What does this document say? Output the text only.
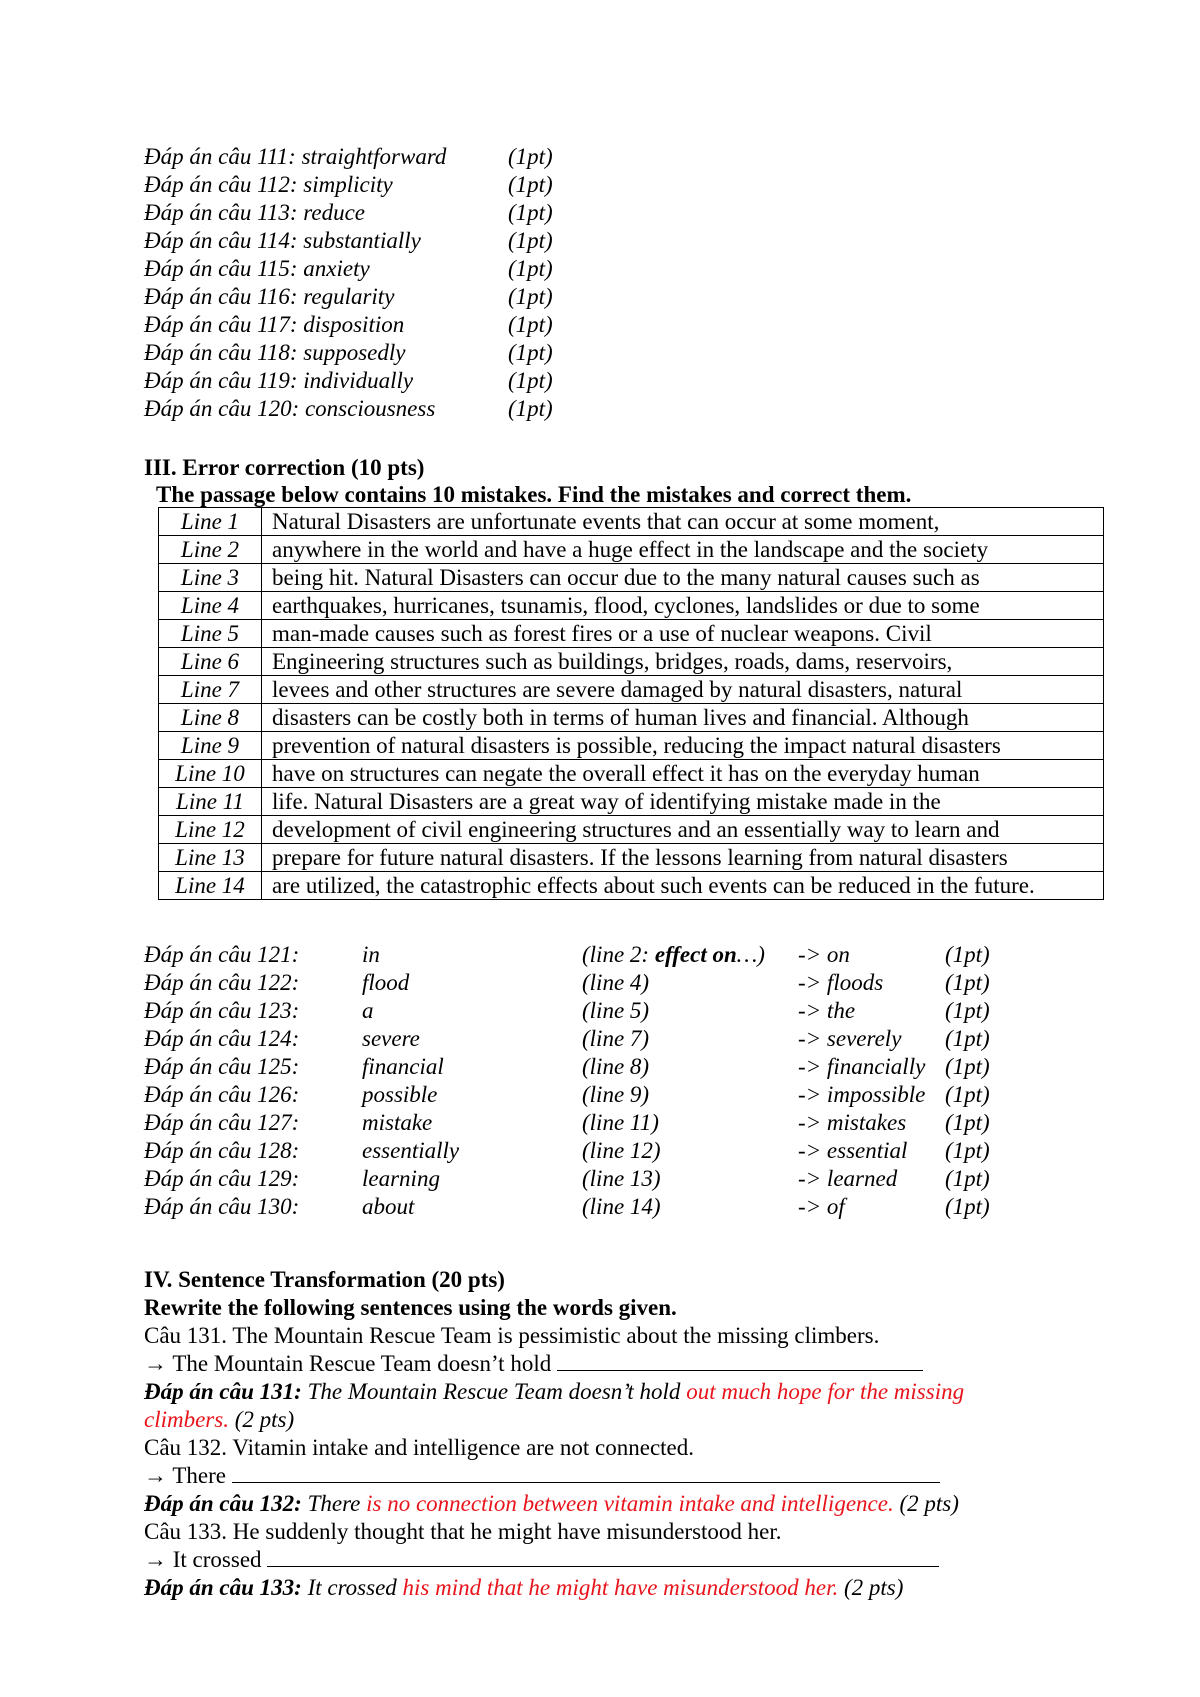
Đáp án câu 111: straightforward	(1pt)
Đáp án câu 112: simplicity	(1pt)
Đáp án câu 113: reduce	(1pt)
Đáp án câu 114: substantially	(1pt)
Đáp án câu 115: anxiety	(1pt)
Đáp án câu 116: regularity	(1pt)
Đáp án câu 117: disposition	(1pt)
Đáp án câu 118: supposedly	(1pt)
Đáp án câu 119: individually	(1pt)
Đáp án câu 120: consciousness	(1pt)
III. Error correction (10 pts)
The passage below contains 10 mistakes. Find the mistakes and correct them.
Line 1	Natural Disasters are unfortunate events that can occur at some moment,
Line 2	anywhere in the world and have a huge effect in the landscape and the society
Line 3	being hit. Natural Disasters can occur due to the many natural causes such as
Line 4	earthquakes, hurricanes, tsunamis, flood, cyclones, landslides or due to some
Line 5	man-made causes such as forest fires or a use of nuclear weapons. Civil
Line 6	Engineering structures such as buildings, bridges, roads, dams, reservoirs,
Line 7	levees and other structures are severe damaged by natural disasters, natural
Line 8	disasters can be costly both in terms of human lives and financial. Although
Line 9	prevention of natural disasters is possible, reducing the impact natural disasters
Line 10	have on structures can negate the overall effect it has on the everyday human
Line 11	life. Natural Disasters are a great way of identifying mistake made in the
Line 12	development of civil engineering structures and an essentially way to learn and
Line 13	prepare for future natural disasters. If the lessons learning from natural disasters
Line 14	are utilized, the catastrophic effects about such events can be reduced in the future.
Đáp án câu 121:	in	(line 2: effect on…) -> on	(1pt)
Đáp án câu 122:	flood	(line 4)	-> floods	(1pt)
Đáp án câu 123:	a	(line 5)	-> the	(1pt)
Đáp án câu 124:	severe	(line 7)	-> severely (1pt)
Đáp án câu 125:	financial	(line 8)	-> financially (1pt)
Đáp án câu 126:	possible	(line 9)	-> impossible (1pt)
Đáp án câu 127:	mistake	(line 11)	-> mistakes (1pt)
Đáp án câu 128:	essentially	(line 12)	-> essential (1pt)
Đáp án câu 129:	learning	(line 13)	-> learned (1pt)
Đáp án câu 130:	about	(line 14)	-> of	(1pt)
IV. Sentence Transformation (20 pts)
Rewrite the following sentences using the words given.
Câu 131. The Mountain Rescue Team is pessimistic about the missing climbers.
→ The Mountain Rescue Team doesn’t hold
Đáp án câu 131: The Mountain Rescue Team doesn’t hold out much hope for the missing
climbers. (2 pts)
Câu 132. Vitamin intake and intelligence are not connected.
→ There
Đáp án câu 132: There is no connection between vitamin intake and intelligence. (2 pts)
Câu 133. He suddenly thought that he might have misunderstood her.
→ It crossed
Đáp án câu 133: It crossed his mind that he might have misunderstood her. (2 pts)
